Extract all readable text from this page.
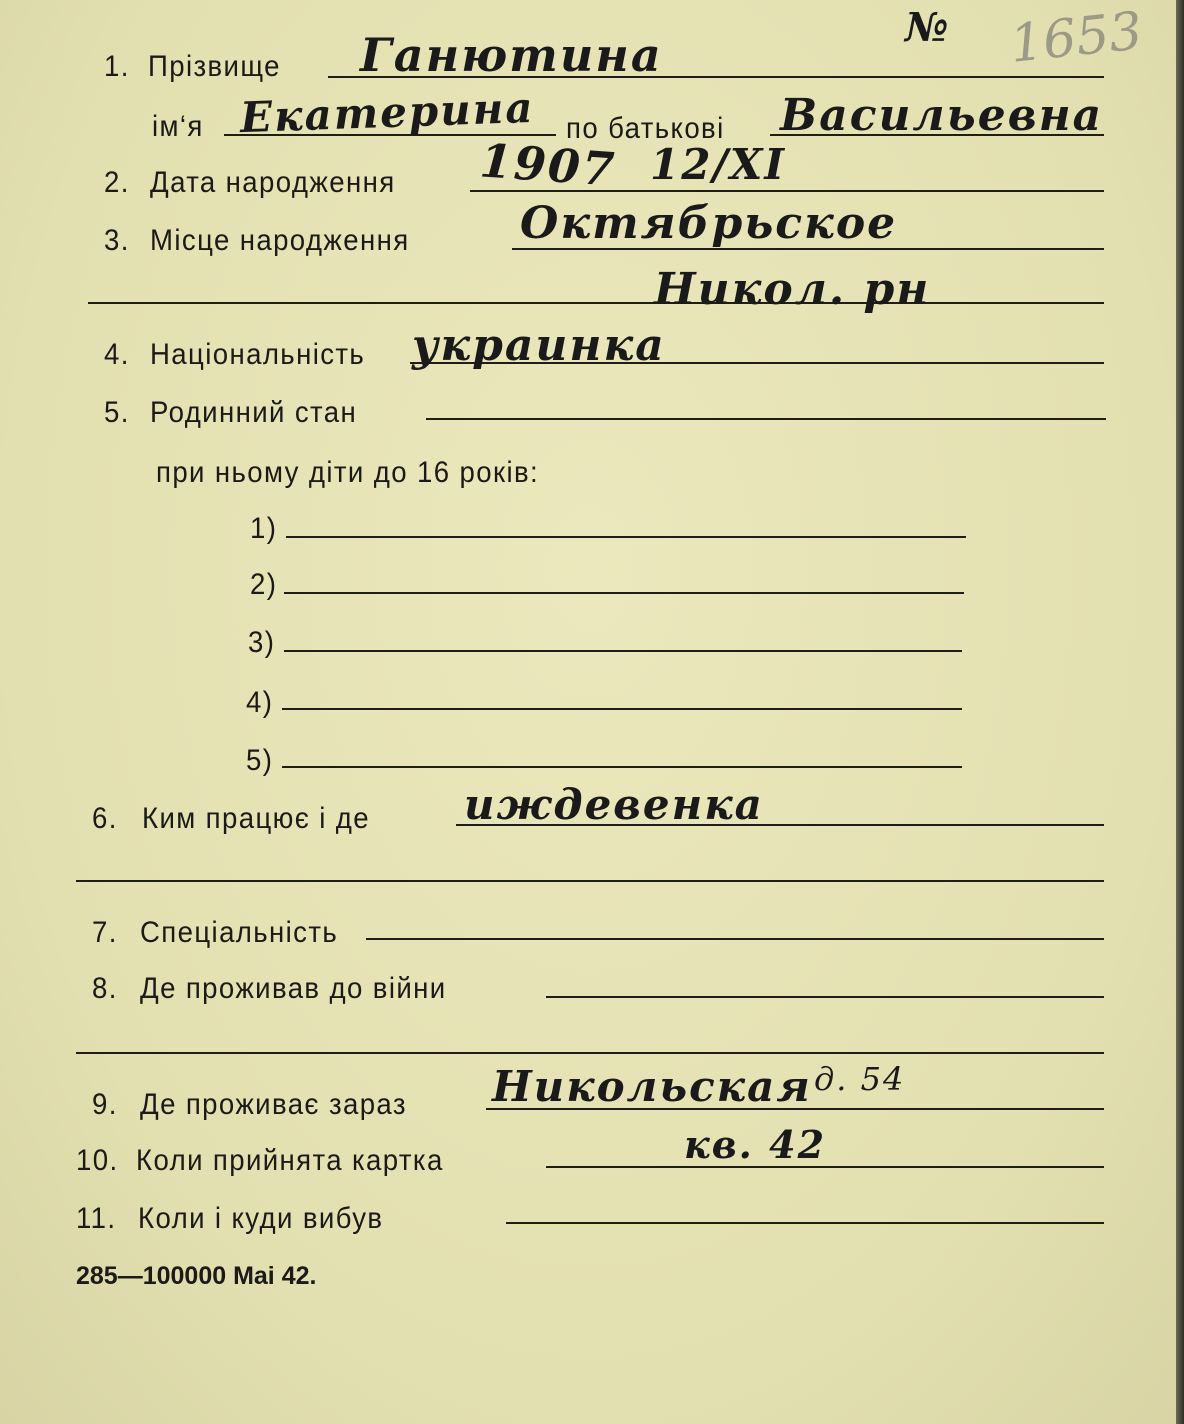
№ 1653
1. Прізвище Ганютина
ім‘я Екатерина по батькові Васильевна
2. Дата народження 1907 12/XI
3. Місце народження	Октябрьское
Никол. рн
4. Національність украинка
5. Родинний стан
при ньому діти до 16 років:
1)
2)
3)
4)
5)
6. Ким працює і де иждевенка
7. Спеціальність
8. Де проживав до війни
9. Де проживає зараз Никольская д. 54
10. Коли прийнята картка	кв. 42
11. Коли і куди вибув
285—100000 Mai 42.
